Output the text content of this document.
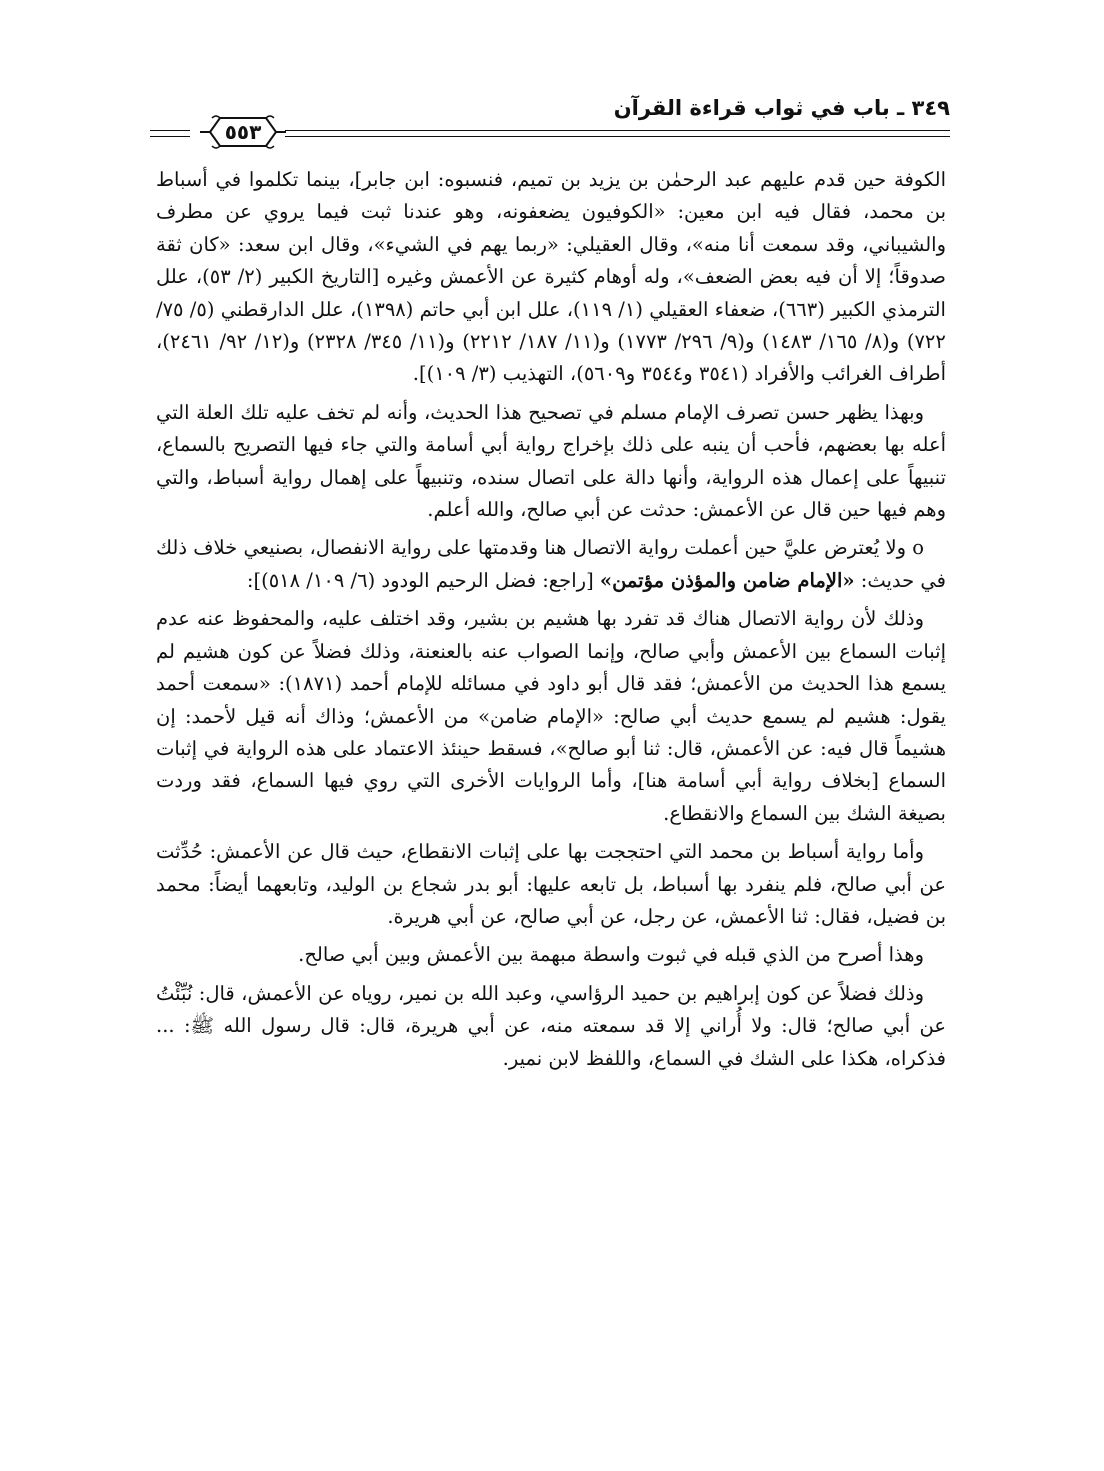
٣٤٩ ـ باب في ثواب قراءة القرآن
٥٥٣

الكوفة حين قدم عليهم عبد الرحمٰن بن يزيد بن تميم، فنسبوه: ابن جابر]، بينما تكلموا في أسباط بن محمد، فقال فيه ابن معين: «الكوفيون يضعفونه، وهو عندنا ثبت فيما يروي عن مطرف والشيباني، وقد سمعت أنا منه»، وقال العقيلي: «ربما يهم في الشيء»، وقال ابن سعد: «كان ثقة صدوقاً؛ إلا أن فيه بعض الضعف»، وله أوهام كثيرة عن الأعمش وغيره [التاريخ الكبير (٢/ ٥٣)، علل الترمذي الكبير (٦٦٣)، ضعفاء العقيلي (١/ ١١٩)، علل ابن أبي حاتم (١٣٩٨)، علل الدارقطني (٥/ ٧٥/ ٧٢٢) و(٨/ ١٦٥/ ١٤٨٣) و(٩/ ٢٩٦/ ١٧٧٣) و(١١/ ١٨٧/ ٢٢١٢) و(١١/ ٣٤٥/ ٢٣٢٨) و(١٢/ ٩٢/ ٢٤٦١)، أطراف الغرائب والأفراد (٣٥٤١ و٣٥٤٤ و٥٦٠٩)، التهذيب (٣/ ١٠٩)].

وبهذا يظهر حسن تصرف الإمام مسلم في تصحيح هذا الحديث، وأنه لم تخف عليه تلك العلة التي أعله بها بعضهم، فأحب أن ينبه على ذلك بإخراج رواية أبي أسامة والتي جاء فيها التصريح بالسماع، تنبيهاً على إعمال هذه الرواية، وأنها دالة على اتصال سنده، وتنبيهاً على إهمال رواية أسباط، والتي وهم فيها حين قال عن الأعمش: حدثت عن أبي صالح، والله أعلم.

o ولا يُعترض عليَّ حين أعملت رواية الاتصال هنا وقدمتها على رواية الانفصال، بصنيعي خلاف ذلك في حديث: «الإمام ضامن والمؤذن مؤتمن» [راجع: فضل الرحيم الودود (٦/ ١٠٩/ ٥١٨)]:

وذلك لأن رواية الاتصال هناك قد تفرد بها هشيم بن بشير، وقد اختلف عليه، والمحفوظ عنه عدم إثبات السماع بين الأعمش وأبي صالح، وإنما الصواب عنه بالعنعنة، وذلك فضلاً عن كون هشيم لم يسمع هذا الحديث من الأعمش؛ فقد قال أبو داود في مسائله للإمام أحمد (١٨٧١): «سمعت أحمد يقول: هشيم لم يسمع حديث أبي صالح: «الإمام ضامن» من الأعمش؛ وذاك أنه قيل لأحمد: إن هشيماً قال فيه: عن الأعمش، قال: ثنا أبو صالح»، فسقط حينئذ الاعتماد على هذه الرواية في إثبات السماع [بخلاف رواية أبي أسامة هنا]، وأما الروايات الأخرى التي روي فيها السماع، فقد وردت بصيغة الشك بين السماع والانقطاع.

وأما رواية أسباط بن محمد التي احتججت بها على إثبات الانقطاع، حيث قال عن الأعمش: حُدِّثت عن أبي صالح، فلم ينفرد بها أسباط، بل تابعه عليها: أبو بدر شجاع بن الوليد، وتابعهما أيضاً: محمد بن فضيل، فقال: ثنا الأعمش، عن رجل، عن أبي صالح، عن أبي هريرة.

وهذا أصرح من الذي قبله في ثبوت واسطة مبهمة بين الأعمش وبين أبي صالح.

وذلك فضلاً عن كون إبراهيم بن حميد الرؤاسي، وعبد الله بن نمير، روياه عن الأعمش، قال: نُبِّئْتُ عن أبي صالح؛ قال: ولا أُراني إلا قد سمعته منه، عن أبي هريرة، قال: قال رسول الله ﷺ: ... فذكراه، هكذا على الشك في السماع، واللفظ لابن نمير.
